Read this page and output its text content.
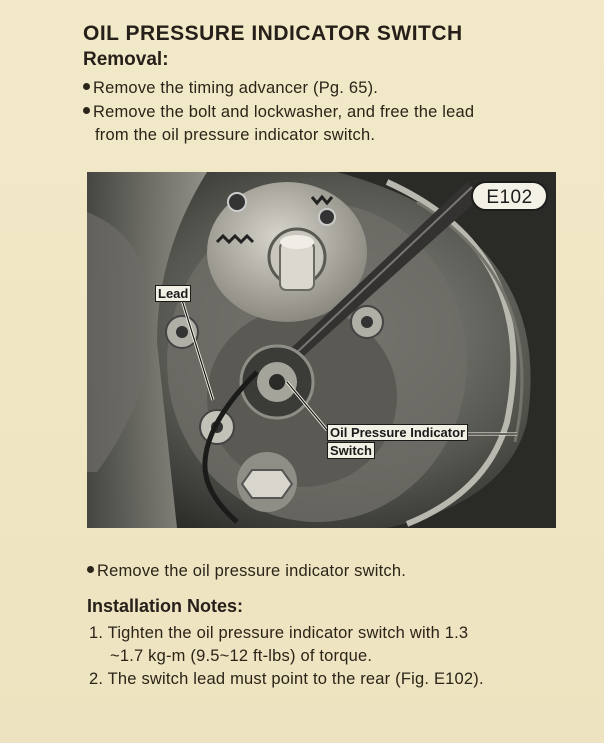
OIL PRESSURE INDICATOR SWITCH
Removal:
Remove the timing advancer (Pg. 65).
Remove the bolt and lockwasher, and free the lead
from the oil pressure indicator switch.
E102
Lead
Oil Pressure Indicator
Switch
Remove the oil pressure indicator switch.
Installation Notes:
1. Tighten the oil pressure indicator switch with 1.3
~1.7 kg-m (9.5~12 ft-lbs) of torque.
2. The switch lead must point to the rear (Fig. E102).
